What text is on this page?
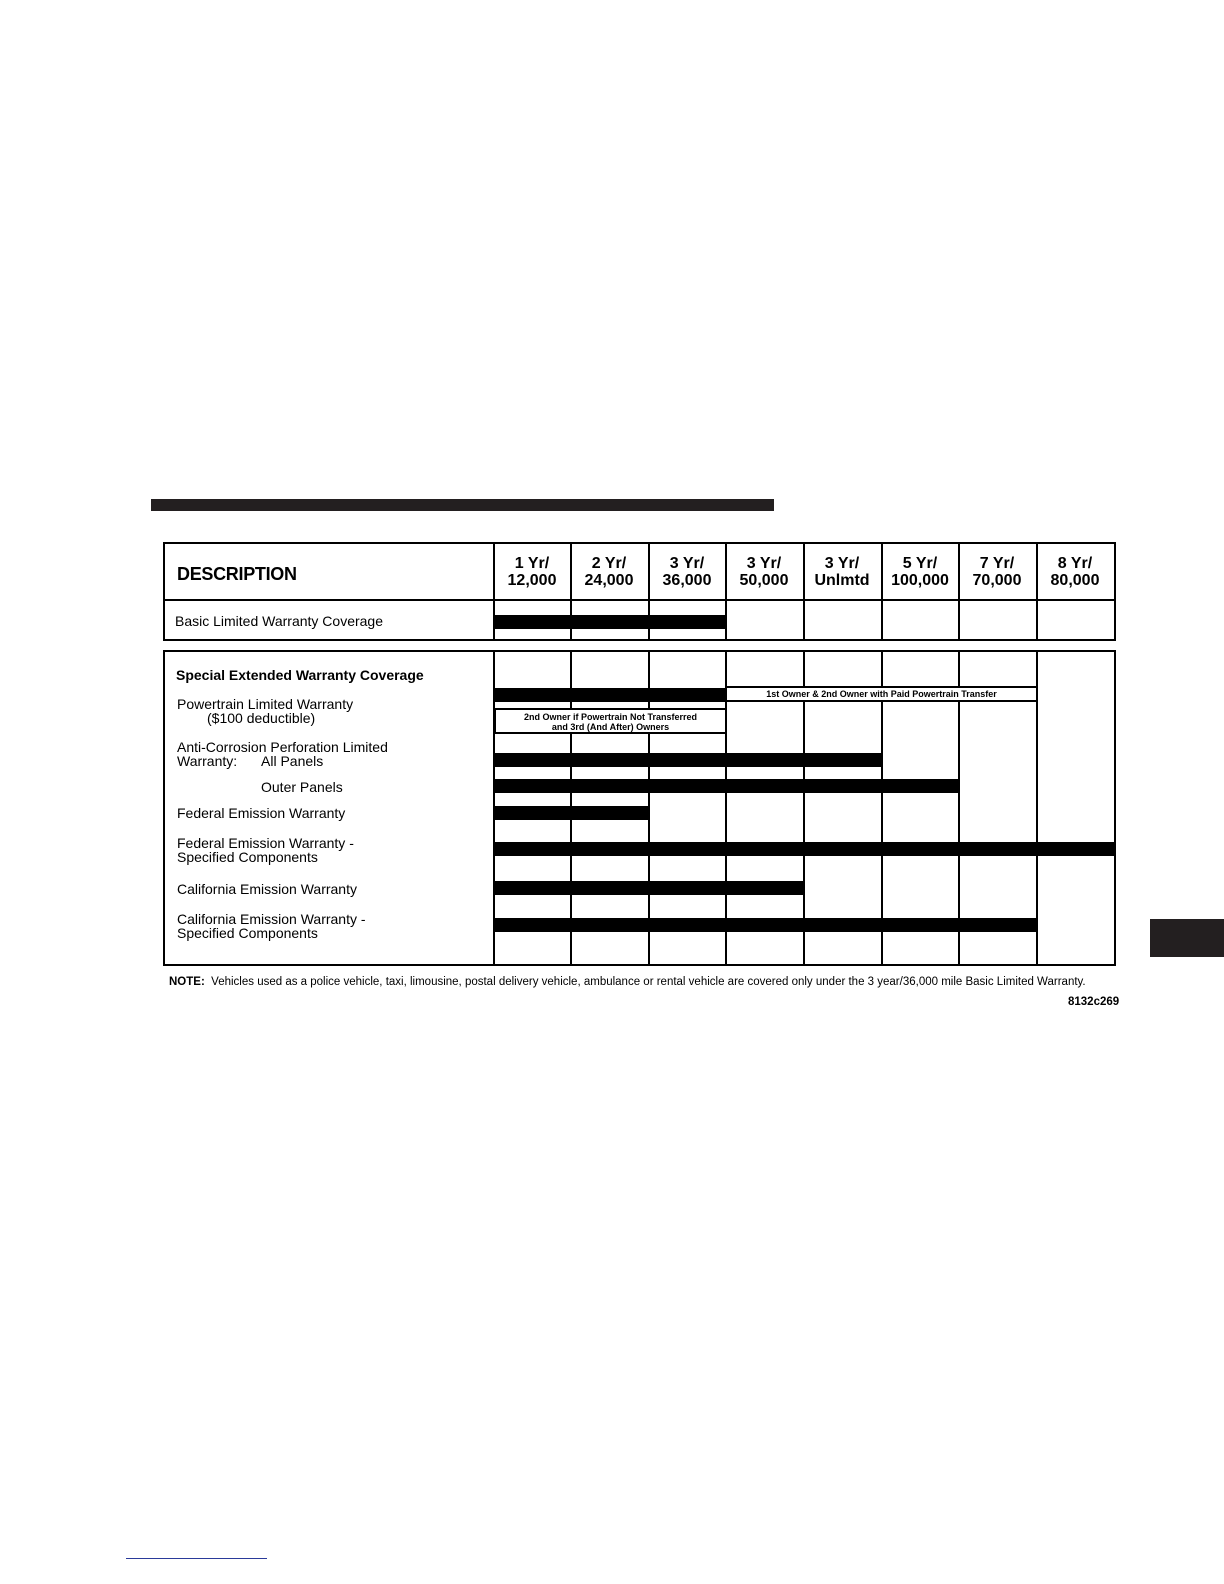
DESCRIPTION
Basic Limited Warranty Coverage
1 Yr/
12,000
2 Yr/
24,000
3 Yr/
36,000
3 Yr/
50,000
3 Yr/
Unlmtd
5 Yr/
100,000
7 Yr/
70,000
8 Yr/
80,000
Special Extended Warranty Coverage
Powertrain Limited Warranty
($100 deductible)
Anti-Corrosion Perforation Limited
Warranty: All Panels
Outer Panels
Federal Emission Warranty
Federal Emission Warranty -
Specified Components
California Emission Warranty
California Emission Warranty -
Specified Components
1st Owner & 2nd Owner with Paid Powertrain Transfer
2nd Owner if Powertrain Not Transferred
and 3rd (And After) Owners
NOTE: Vehicles used as a police vehicle, taxi, limousine, postal delivery vehicle, ambulance or rental vehicle are covered only under the 3 year/36,000 mile Basic Limited Warranty.
8132c269
